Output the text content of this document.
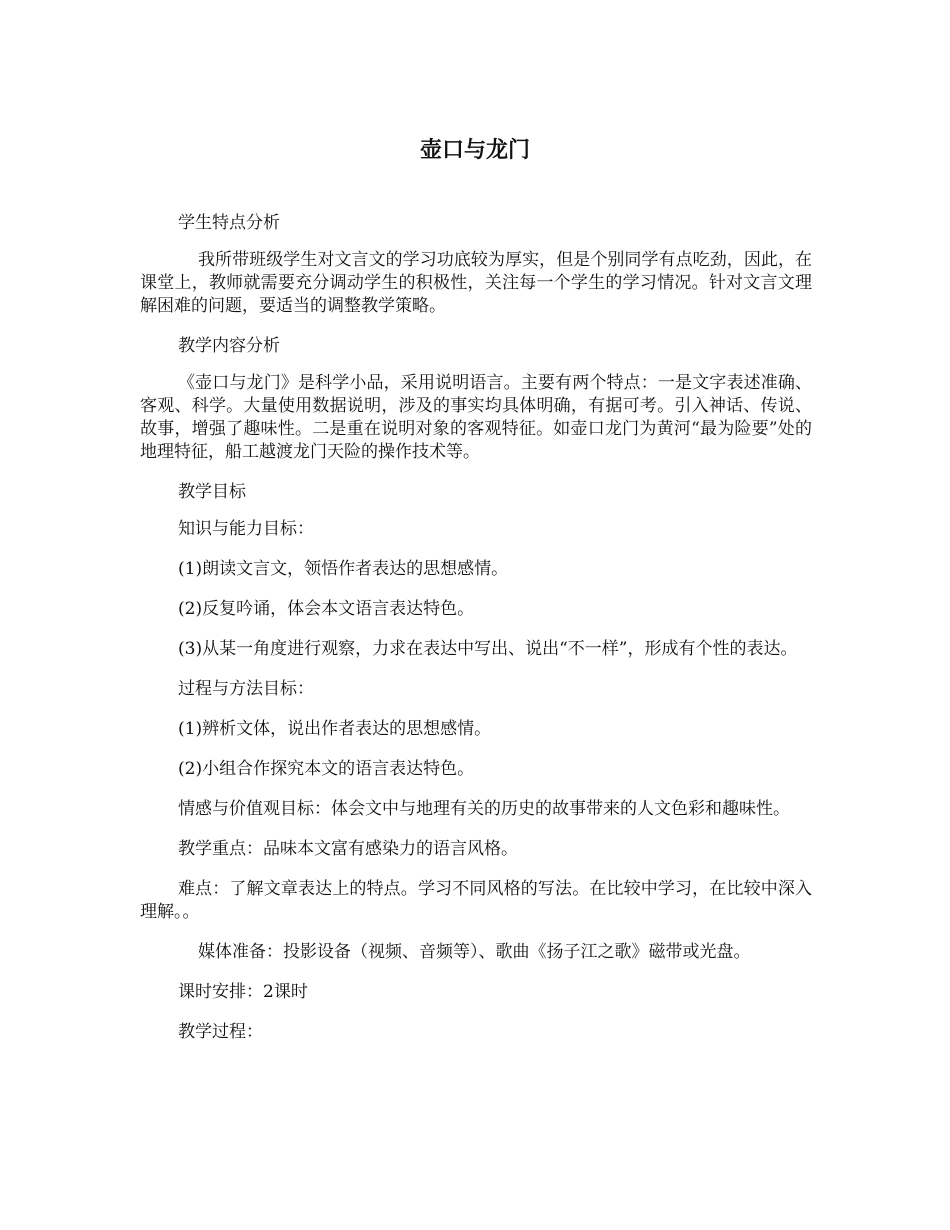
壶口与龙门

学生特点分析

我所带班级学生对文言文的学习功底较为厚实，但是个别同学有点吃劲，因此，在课堂上，教师就需要充分调动学生的积极性，关注每一个学生的学习情况。针对文言文理解困难的问题，要适当的调整教学策略。

教学内容分析

《壶口与龙门》是科学小品，采用说明语言。主要有两个特点：一是文字表述准确、客观、科学。大量使用数据说明，涉及的事实均具体明确，有据可考。引入神话、传说、故事，增强了趣味性。二是重在说明对象的客观特征。如壶口龙门为黄河“最为险要”处的地理特征，船工越渡龙门天险的操作技术等。

教学目标

知识与能力目标：

(1)朗读文言文，领悟作者表达的思想感情。

(2)反复吟诵，体会本文语言表达特色。

(3)从某一角度进行观察，力求在表达中写出、说出“不一样”，形成有个性的表达。

过程与方法目标：

(1)辨析文体，说出作者表达的思想感情。

(2)小组合作探究本文的语言表达特色。

情感与价值观目标：体会文中与地理有关的历史的故事带来的人文色彩和趣味性。

教学重点：品味本文富有感染力的语言风格。

难点：了解文章表达上的特点。学习不同风格的写法。在比较中学习，在比较中深入理解。。

媒体准备：投影设备（视频、音频等）、歌曲《扬子江之歌》磁带或光盘。

课时安排：2课时

教学过程：
